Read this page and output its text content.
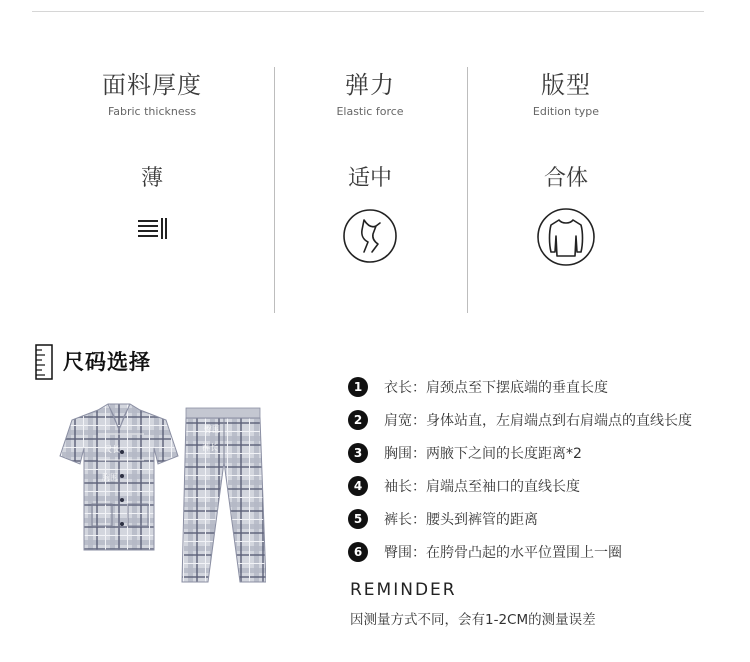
面料厚度
Fabric thickness
薄
弹力
Elastic force
适中
版型
Edition type
合体
尺码选择
尺长
胸围
臀围
裤长
1	衣长：肩颈点至下摆底端的垂直长度
2	肩宽：身体站直，左肩端点到右肩端点的直线长度
3	胸围：两腋下之间的长度距离*2
4	袖长：肩端点至袖口的直线长度
5	裤长：腰头到裤管的距离
6	臀围：在胯骨凸起的水平位置围上一圈
REMINDER
因测量方式不同，会有1-2CM的测量误差
